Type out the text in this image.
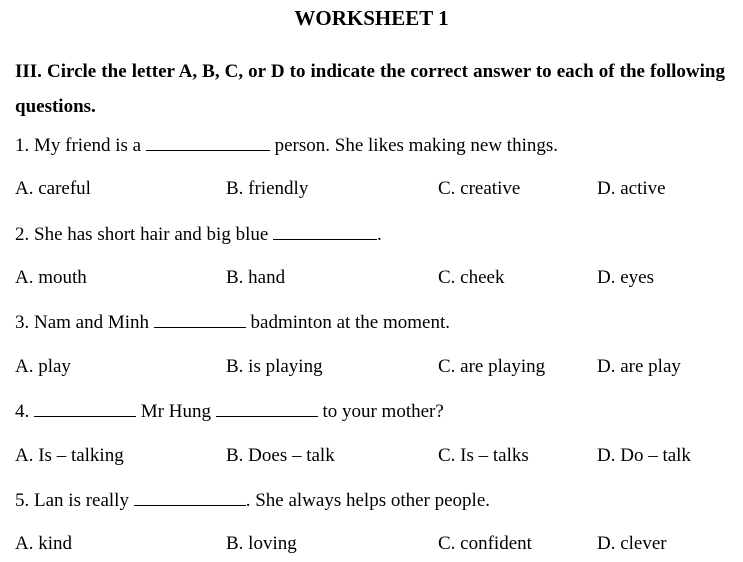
WORKSHEET 1
III. Circle the letter A, B, C, or D to indicate the correct answer to each of the following questions.
1. My friend is a	person. She likes making new things.
A. careful	B. friendly	C. creative	D. active
2. She has short hair and big blue	.
A. mouth	B. hand	C. cheek	D. eyes
3. Nam and Minh	badminton at the moment.
A. play	B. is playing	C. are playing	D. are play
4.	Mr Hung	to your mother?
A. Is – talking	B. Does – talk	C. Is – talks	D. Do – talk
5. Lan is really	. She always helps other people.
A. kind	B. loving	C. confident	D. clever
